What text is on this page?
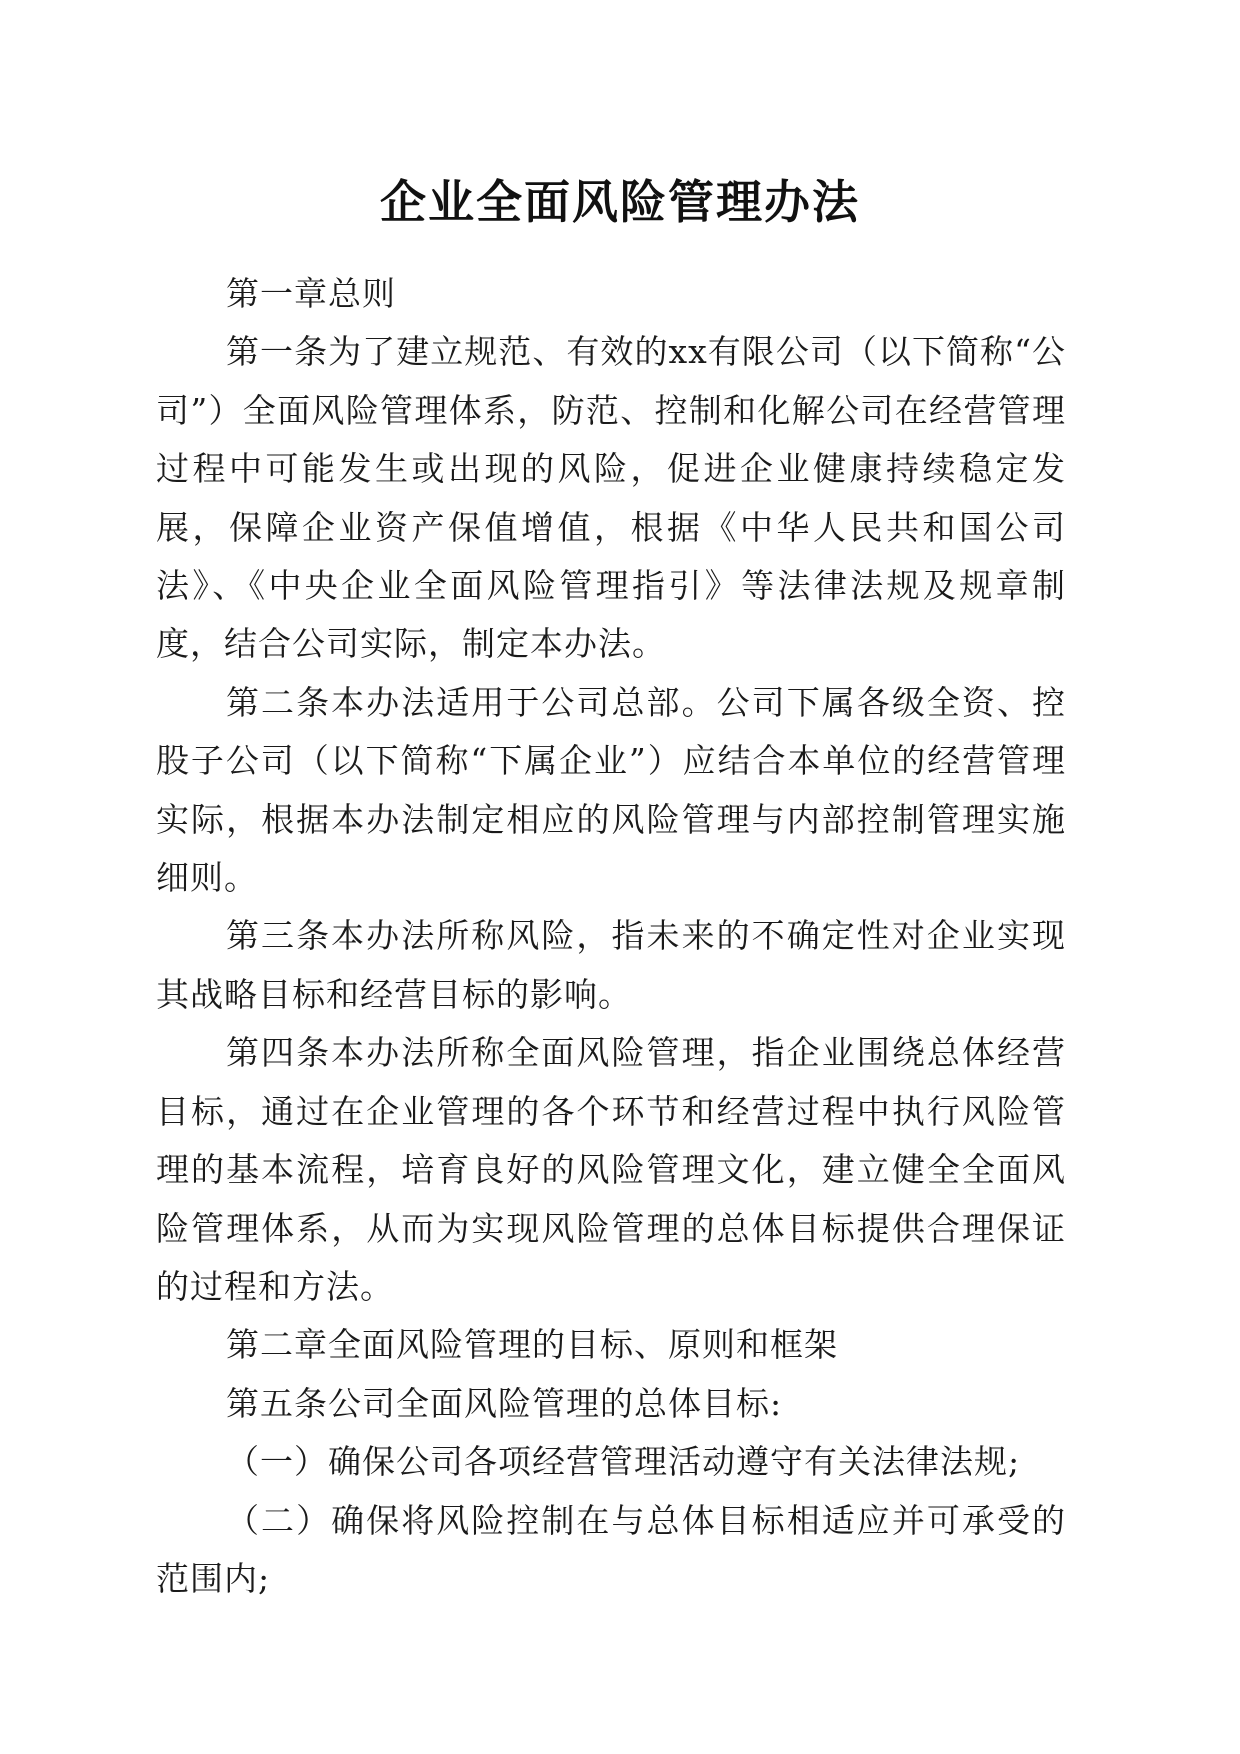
企业全面风险管理办法

第一章总则

第一条为了建立规范、有效的xx有限公司（以下简称“公司”）全面风险管理体系，防范、控制和化解公司在经营管理过程中可能发生或出现的风险，促进企业健康持续稳定发展，保障企业资产保值增值，根据《中华人民共和国公司法》、《中央企业全面风险管理指引》等法律法规及规章制度，结合公司实际，制定本办法。

第二条本办法适用于公司总部。公司下属各级全资、控股子公司（以下简称“下属企业”）应结合本单位的经营管理实际，根据本办法制定相应的风险管理与内部控制管理实施细则。

第三条本办法所称风险，指未来的不确定性对企业实现其战略目标和经营目标的影响。

第四条本办法所称全面风险管理，指企业围绕总体经营目标，通过在企业管理的各个环节和经营过程中执行风险管理的基本流程，培育良好的风险管理文化，建立健全全面风险管理体系，从而为实现风险管理的总体目标提供合理保证的过程和方法。

第二章全面风险管理的目标、原则和框架

第五条公司全面风险管理的总体目标:

（一）确保公司各项经营管理活动遵守有关法律法规;

（二）确保将风险控制在与总体目标相适应并可承受的范围内;
